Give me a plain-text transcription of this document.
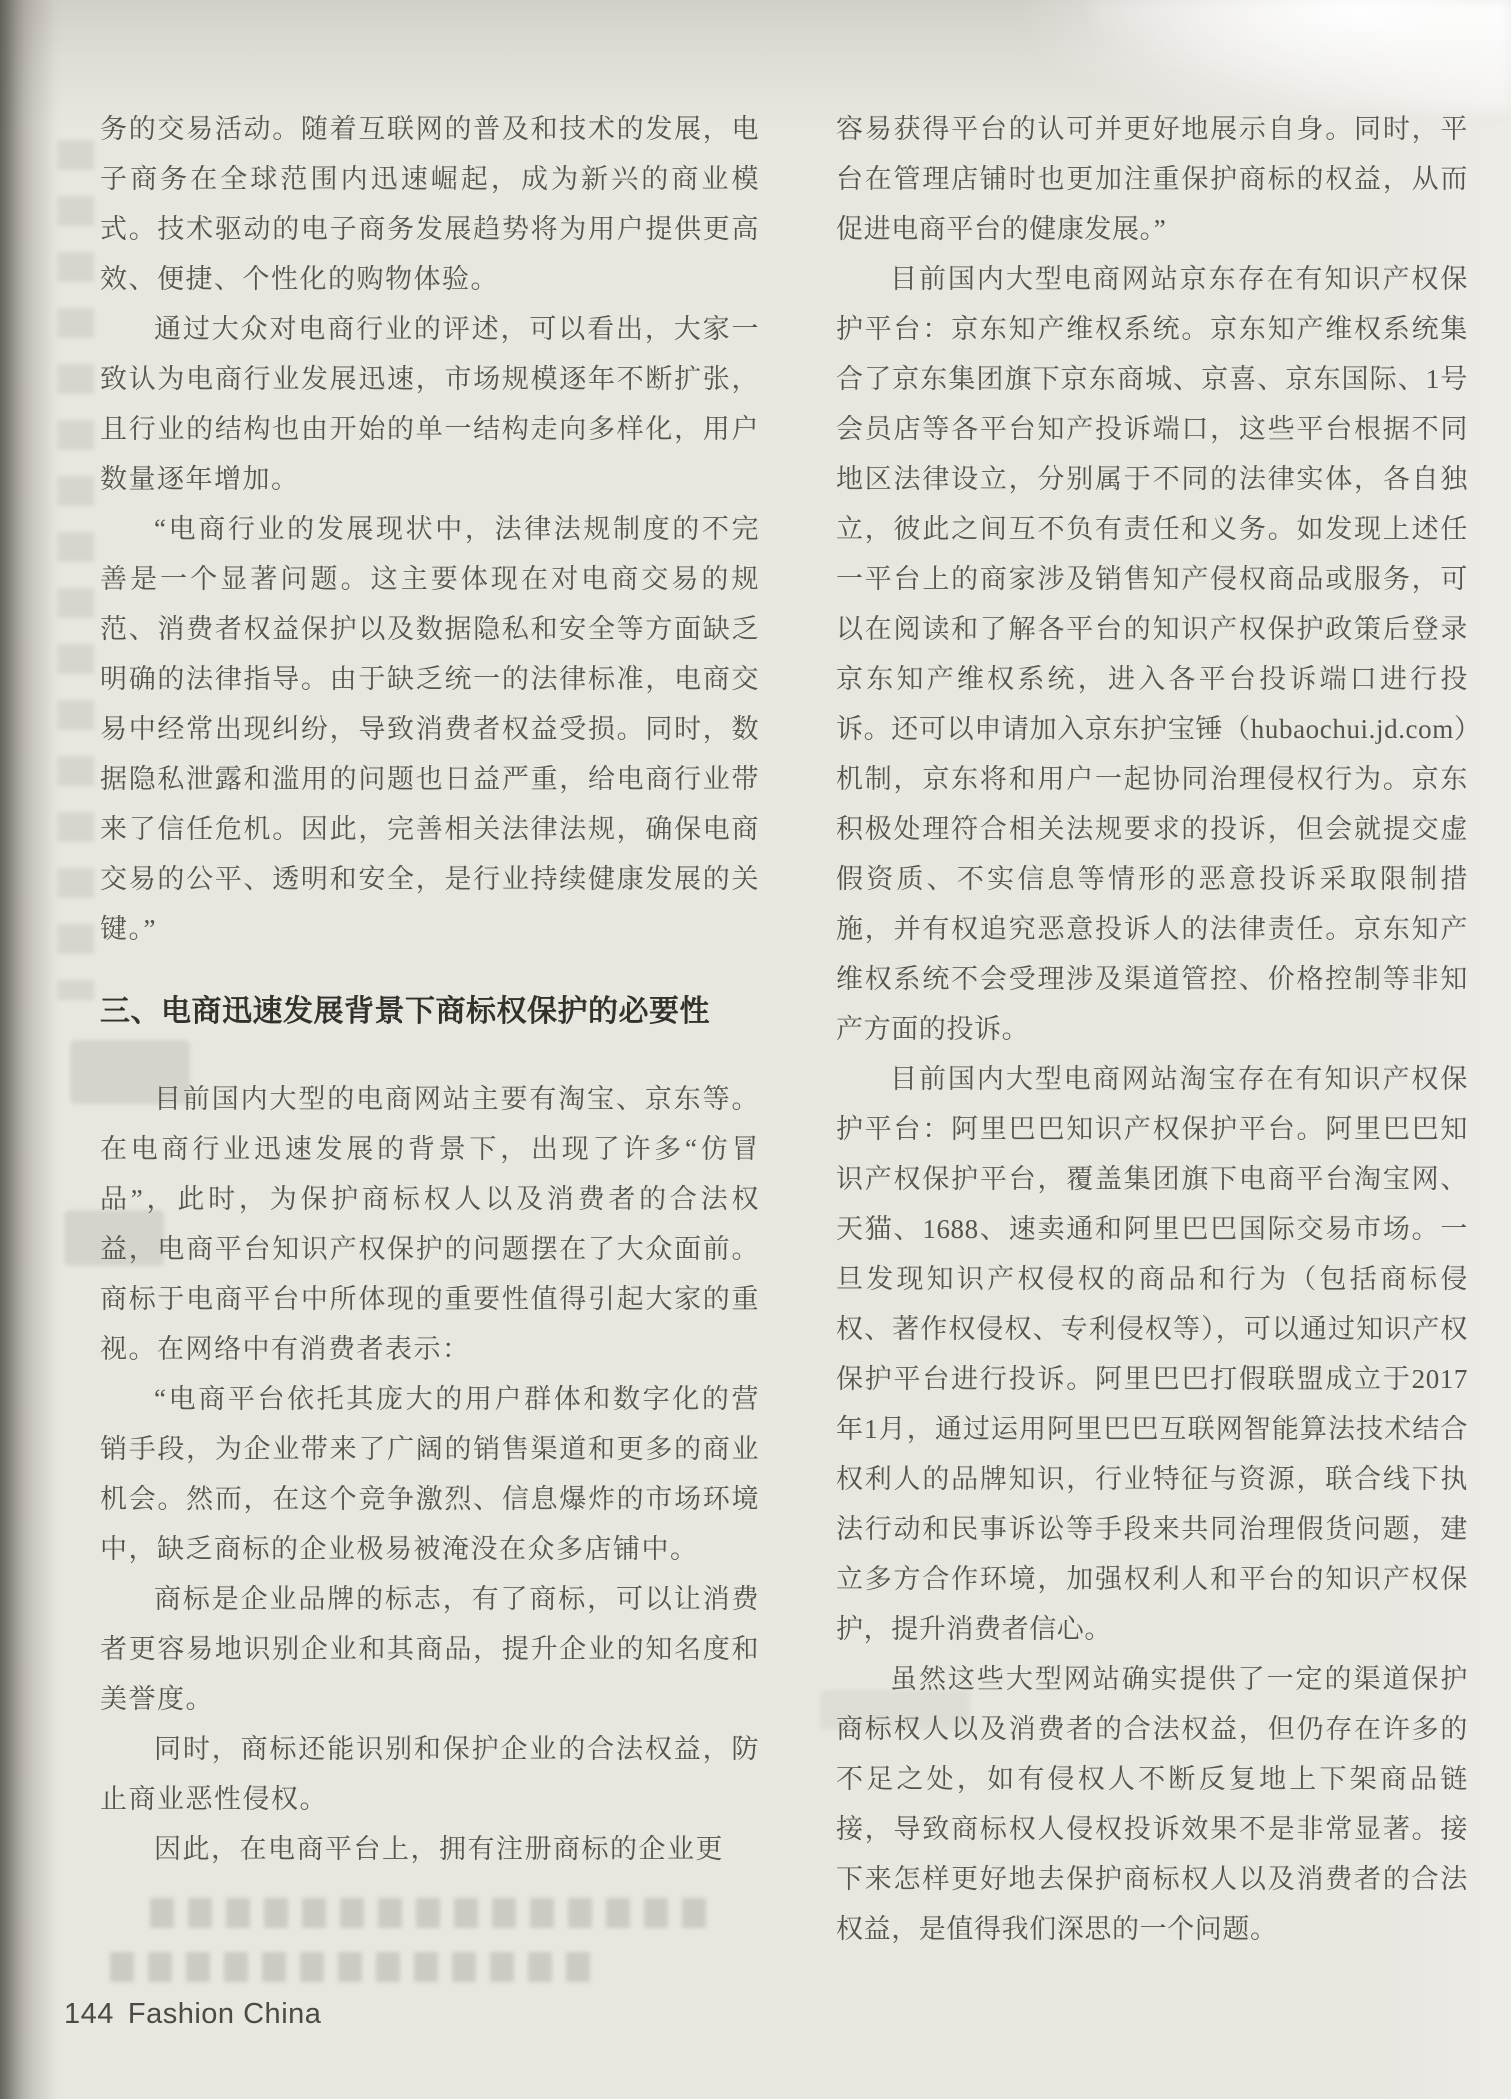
务的交易活动。随着互联网的普及和技术的发展，电子商务在全球范围内迅速崛起，成为新兴的商业模式。技术驱动的电子商务发展趋势将为用户提供更高效、便捷、个性化的购物体验。

通过大众对电商行业的评述，可以看出，大家一致认为电商行业发展迅速，市场规模逐年不断扩张，且行业的结构也由开始的单一结构走向多样化，用户数量逐年增加。

“电商行业的发展现状中，法律法规制度的不完善是一个显著问题。这主要体现在对电商交易的规范、消费者权益保护以及数据隐私和安全等方面缺乏明确的法律指导。由于缺乏统一的法律标准，电商交易中经常出现纠纷，导致消费者权益受损。同时，数据隐私泄露和滥用的问题也日益严重，给电商行业带来了信任危机。因此，完善相关法律法规，确保电商交易的公平、透明和安全，是行业持续健康发展的关键。”

三、电商迅速发展背景下商标权保护的必要性

目前国内大型的电商网站主要有淘宝、京东等。在电商行业迅速发展的背景下，出现了许多“仿冒品”，此时，为保护商标权人以及消费者的合法权益，电商平台知识产权保护的问题摆在了大众面前。商标于电商平台中所体现的重要性值得引起大家的重视。在网络中有消费者表示：

“电商平台依托其庞大的用户群体和数字化的营销手段，为企业带来了广阔的销售渠道和更多的商业机会。然而，在这个竞争激烈、信息爆炸的市场环境中，缺乏商标的企业极易被淹没在众多店铺中。

商标是企业品牌的标志，有了商标，可以让消费者更容易地识别企业和其商品，提升企业的知名度和美誉度。

同时，商标还能识别和保护企业的合法权益，防止商业恶性侵权。

因此，在电商平台上，拥有注册商标的企业更

容易获得平台的认可并更好地展示自身。同时，平台在管理店铺时也更加注重保护商标的权益，从而促进电商平台的健康发展。”

目前国内大型电商网站京东存在有知识产权保护平台：京东知产维权系统。京东知产维权系统集合了京东集团旗下京东商城、京喜、京东国际、1号会员店等各平台知产投诉端口，这些平台根据不同地区法律设立，分别属于不同的法律实体，各自独立，彼此之间互不负有责任和义务。如发现上述任一平台上的商家涉及销售知产侵权商品或服务，可以在阅读和了解各平台的知识产权保护政策后登录京东知产维权系统，进入各平台投诉端口进行投诉。还可以申请加入京东护宝锤（hubaochui.jd.com）机制，京东将和用户一起协同治理侵权行为。京东积极处理符合相关法规要求的投诉，但会就提交虚假资质、不实信息等情形的恶意投诉采取限制措施，并有权追究恶意投诉人的法律责任。京东知产维权系统不会受理涉及渠道管控、价格控制等非知产方面的投诉。

目前国内大型电商网站淘宝存在有知识产权保护平台：阿里巴巴知识产权保护平台。阿里巴巴知识产权保护平台，覆盖集团旗下电商平台淘宝网、天猫、1688、速卖通和阿里巴巴国际交易市场。一旦发现知识产权侵权的商品和行为（包括商标侵权、著作权侵权、专利侵权等），可以通过知识产权保护平台进行投诉。阿里巴巴打假联盟成立于2017年1月，通过运用阿里巴巴互联网智能算法技术结合权利人的品牌知识，行业特征与资源，联合线下执法行动和民事诉讼等手段来共同治理假货问题，建立多方合作环境，加强权利人和平台的知识产权保护，提升消费者信心。

虽然这些大型网站确实提供了一定的渠道保护商标权人以及消费者的合法权益，但仍存在许多的不足之处，如有侵权人不断反复地上下架商品链接，导致商标权人侵权投诉效果不是非常显著。接下来怎样更好地去保护商标权人以及消费者的合法权益，是值得我们深思的一个问题。

144 Fashion China
